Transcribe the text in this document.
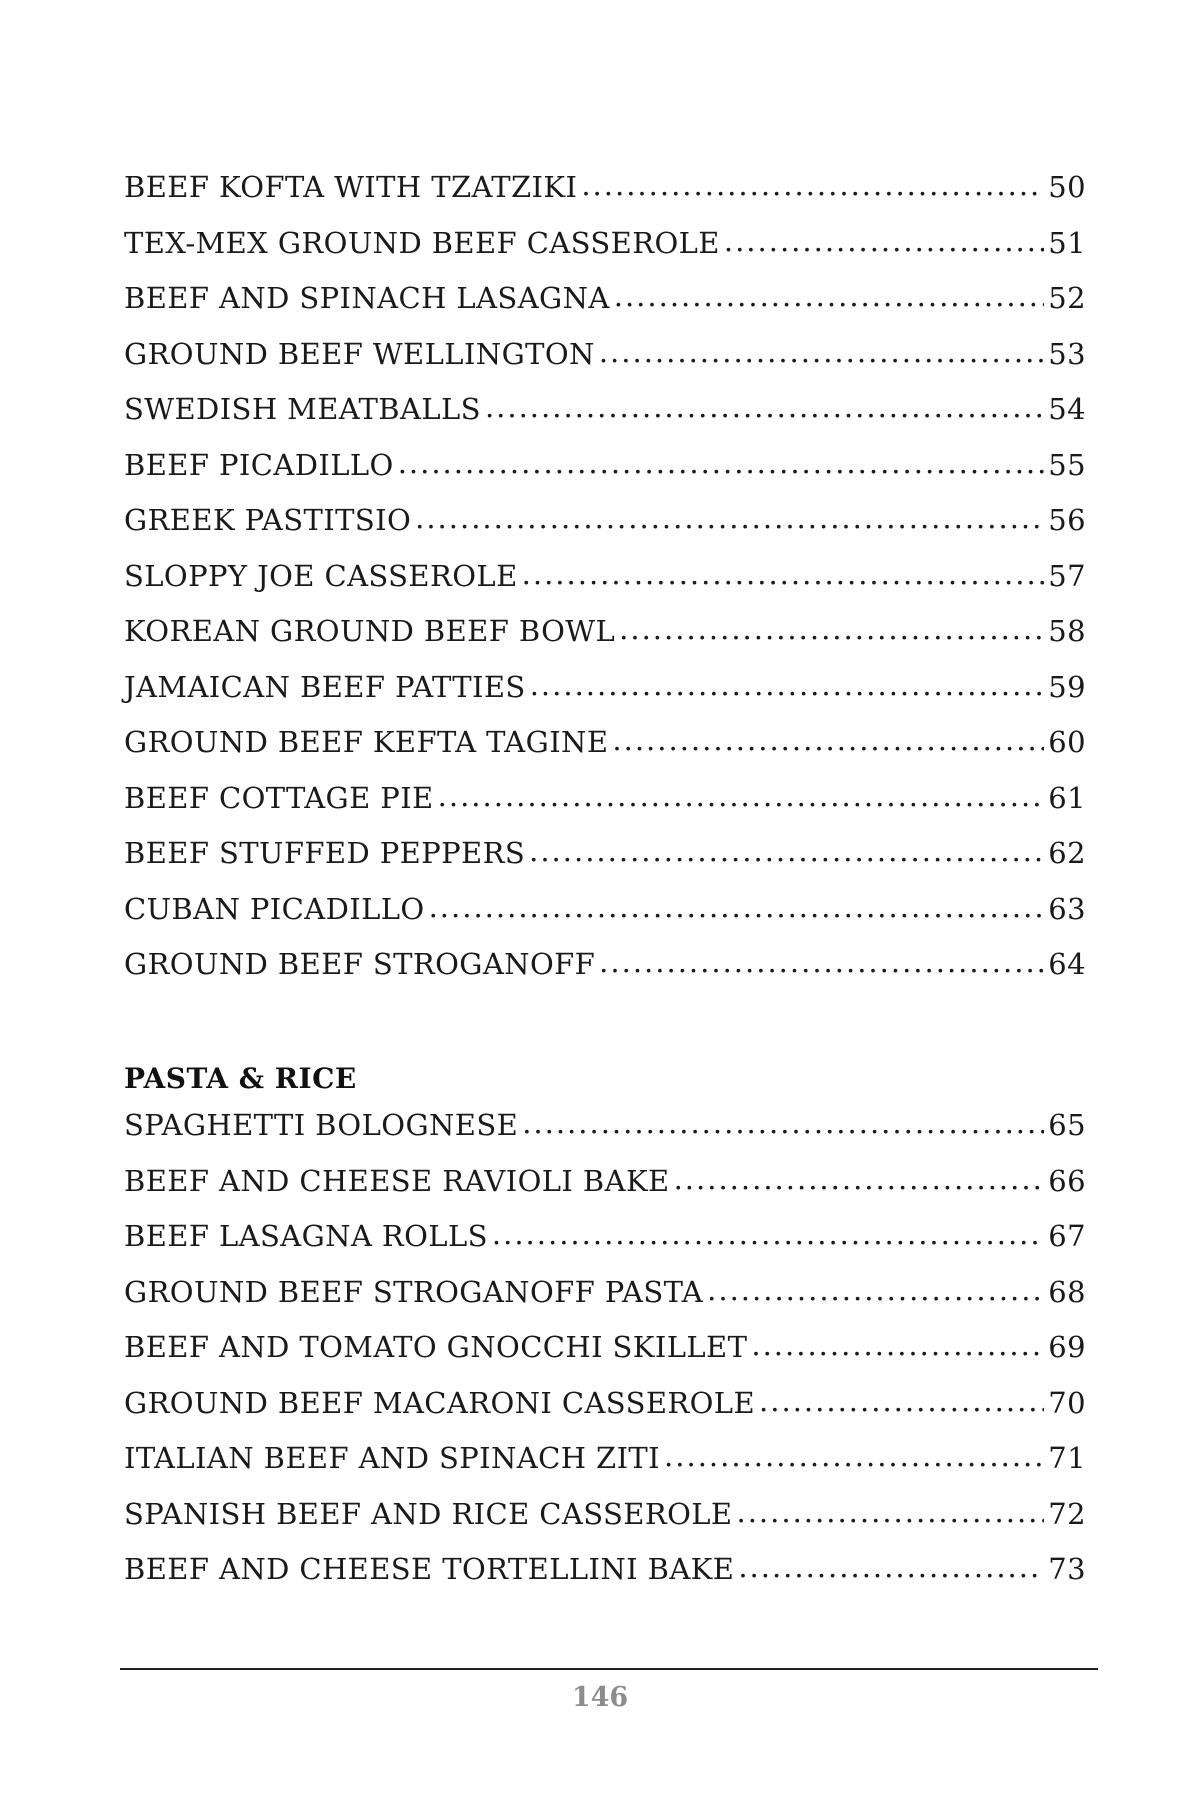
BEEF KOFTA WITH TZATZIKI .....	50
TEX-MEX GROUND BEEF CASSEROLE .....	51
BEEF AND SPINACH LASAGNA .....	52
GROUND BEEF WELLINGTON .....	53
SWEDISH MEATBALLS .....	54
BEEF PICADILLO .....	55
GREEK PASTITSIO .....	56
SLOPPY JOE CASSEROLE .....	57
KOREAN GROUND BEEF BOWL .....	58
JAMAICAN BEEF PATTIES .....	59
GROUND BEEF KEFTA TAGINE .....	60
BEEF COTTAGE PIE .....	61
BEEF STUFFED PEPPERS .....	62
CUBAN PICADILLO .....	63
GROUND BEEF STROGANOFF .....	64
PASTA & RICE
SPAGHETTI BOLOGNESE .....	65
BEEF AND CHEESE RAVIOLI BAKE .....	66
BEEF LASAGNA ROLLS .....	67
GROUND BEEF STROGANOFF PASTA .....	68
BEEF AND TOMATO GNOCCHI SKILLET .....	69
GROUND BEEF MACARONI CASSEROLE .....	70
ITALIAN BEEF AND SPINACH ZITI .....	71
SPANISH BEEF AND RICE CASSEROLE .....	72
BEEF AND CHEESE TORTELLINI BAKE .....	73
146
